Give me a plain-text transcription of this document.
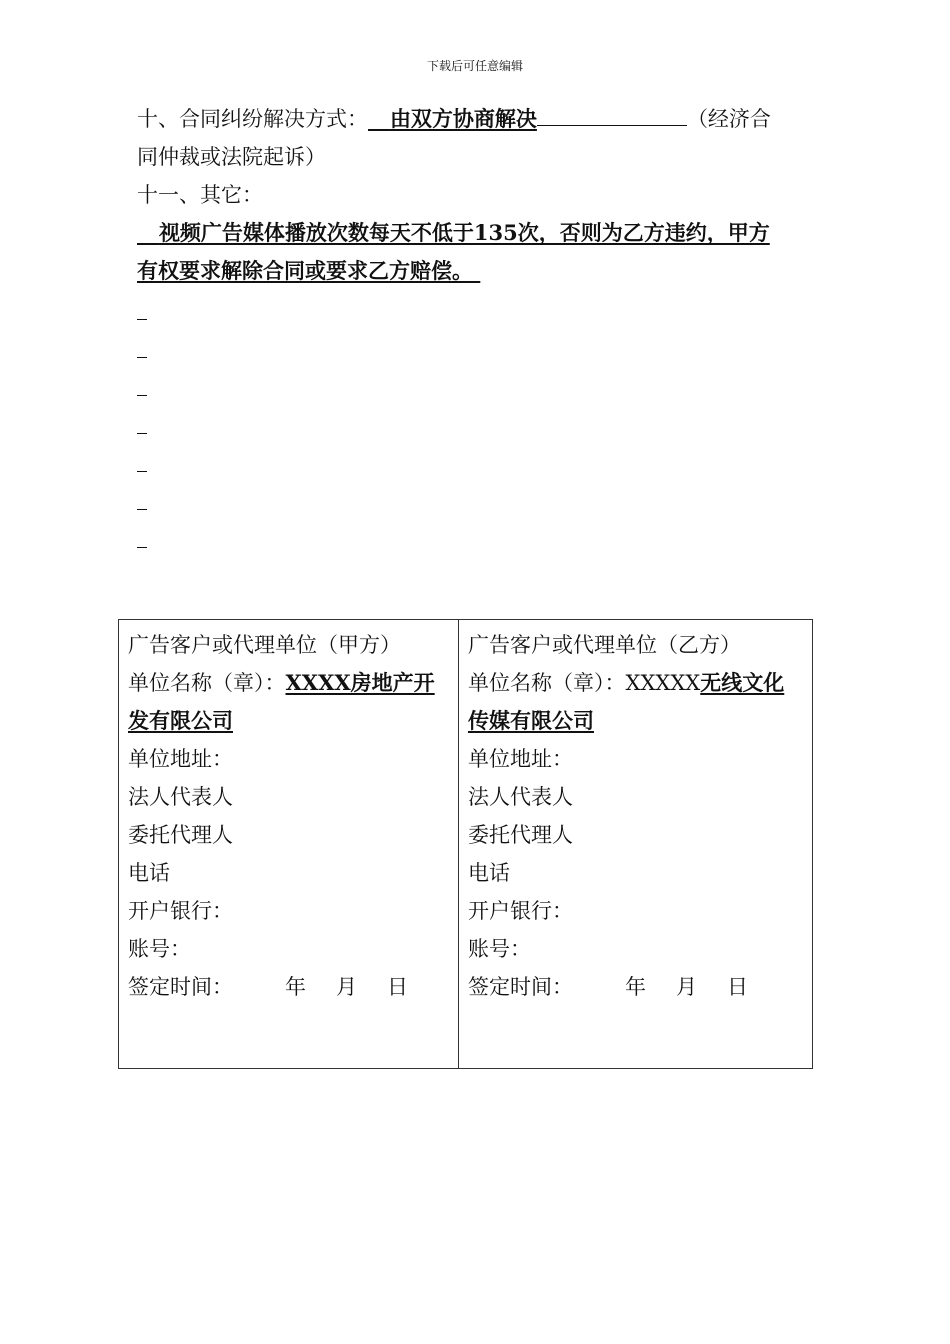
下载后可任意编辑
十、合同纠纷解决方式： 由双方协商解决	（经济合
同仲裁或法院起诉）
十一、其它：
视频广告媒体播放次数每天不低于135次，否则为乙方违约，甲方
有权要求解除合同或要求乙方赔偿。
广告客户或代理单位（甲方）
单位名称（章）：XXXX房地产开
发有限公司
单位地址：
法人代表人
委托代理人
电话
开户银行：
账号：
签定时间： 年 月 日

广告客户或代理单位（乙方）
单位名称（章）：XXXXX无线文化
传媒有限公司
单位地址：
法人代表人
委托代理人
电话
开户银行：
账号：
签定时间： 年 月 日
